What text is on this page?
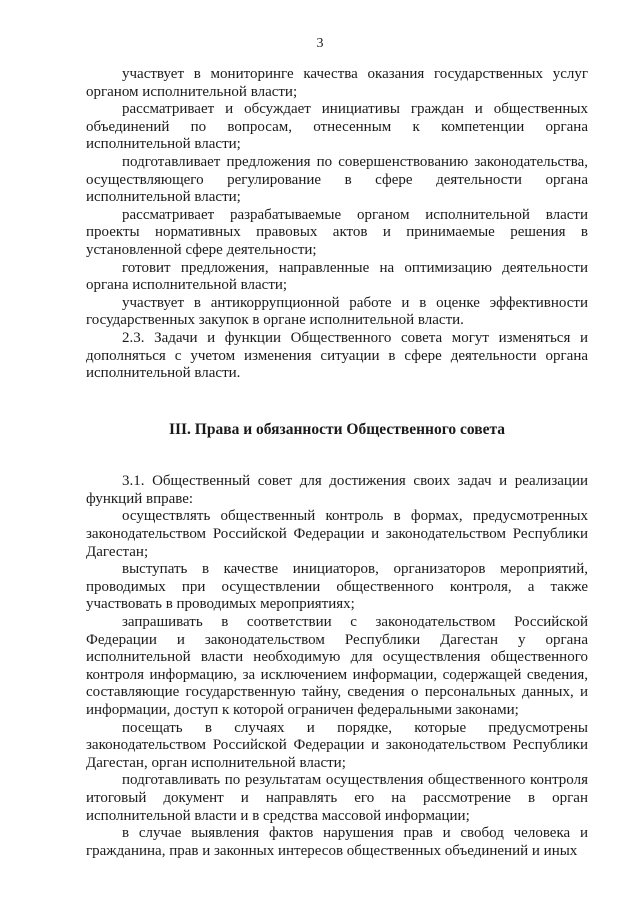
3

участвует в мониторинге качества оказания государственных услуг органом исполнительной власти;

рассматривает и обсуждает инициативы граждан и общественных объединений по вопросам, отнесенным к компетенции органа исполнительной власти;

подготавливает предложения по совершенствованию законодательства, осуществляющего регулирование в сфере деятельности органа исполнительной власти;

рассматривает разрабатываемые органом исполнительной власти проекты нормативных правовых актов и принимаемые решения в установленной сфере деятельности;

готовит предложения, направленные на оптимизацию деятельности органа исполнительной власти;

участвует в антикоррупционной работе и в оценке эффективности государственных закупок в органе исполнительной власти.

2.3. Задачи и функции Общественного совета могут изменяться и дополняться с учетом изменения ситуации в сфере деятельности органа исполнительной власти.

III. Права и обязанности Общественного совета

3.1. Общественный совет для достижения своих задач и реализации функций вправе:

осуществлять общественный контроль в формах, предусмотренных законодательством Российской Федерации и законодательством Республики Дагестан;

выступать в качестве инициаторов, организаторов мероприятий, проводимых при осуществлении общественного контроля, а также участвовать в проводимых мероприятиях;

запрашивать в соответствии с законодательством Российской Федерации и законодательством Республики Дагестан у органа исполнительной власти необходимую для осуществления общественного контроля информацию, за исключением информации, содержащей сведения, составляющие государственную тайну, сведения о персональных данных, и информации, доступ к которой ограничен федеральными законами;

посещать в случаях и порядке, которые предусмотрены законодательством Российской Федерации и законодательством Республики Дагестан, орган исполнительной власти;

подготавливать по результатам осуществления общественного контроля итоговый документ и направлять его на рассмотрение в орган исполнительной власти и в средства массовой информации;

в случае выявления фактов нарушения прав и свобод человека и гражданина, прав и законных интересов общественных объединений и иных
